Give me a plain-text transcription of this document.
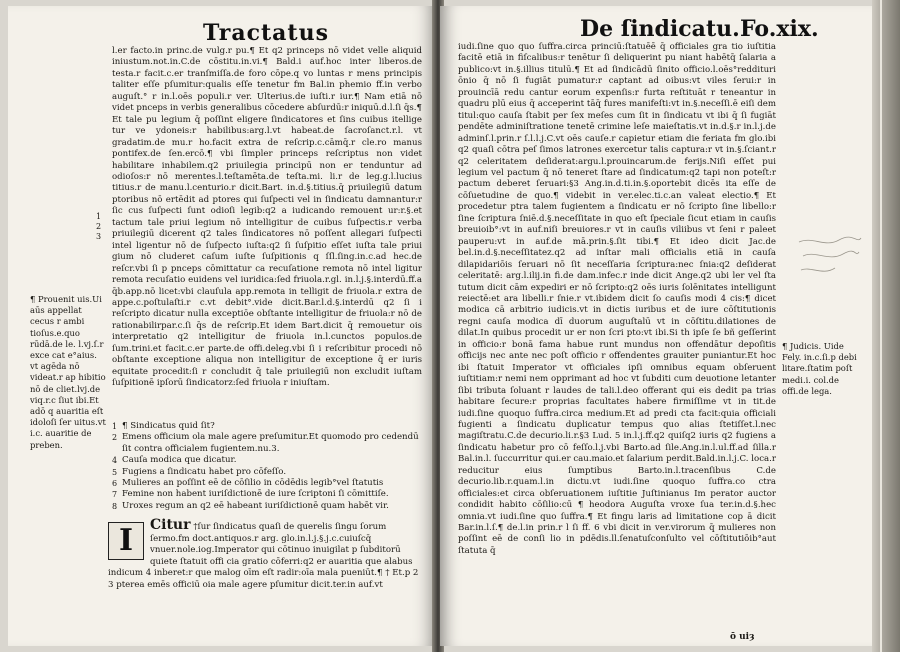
Tractatus

l.er facto.in princ.de vulg.r pu.¶ Et q2 princeps nō videt velle aliquid iniustum.not.in.C.de cōstitu.in.vi.¶ Bald.i auf.hoc inter liberos.de testa.r facit.c.er tranſmiſſa.de foro cōpe.q vo luntas r mens principis taliter eſſe pſumitur:qualis eſſe tenetur fm Bal.in phemio ff.in verbo auguſt.° r in.l.oēs populi.r ver. Ulterius.de iuſti.r iur.¶ Nam etiā nō videt pnceps in verbis generalibus cōcedere abſurdū:r iniquū.d.l.ſi q̄s.¶ Et tale pu legium q̄ poſſint eligere ſindicatores et ſins cuibus itellige tur ve ydoneis:r habilibus:arg.l.vt habeat.de ſacroſanct.r.l. vt gradatim.de mu.r ho.facit extra de reſcrip.c.cāmq̄.r cle.ro manus pontifex.de ſen.ercō.¶ vbi ſimpler princeps reſcriptus non videt habilitare inhabilem.q2 priuilegia principū non er tenduntur ad odioſos:r nō merentes.l.teſtamēta.de teſta.mi. li.r de leg.g.l.lucius titius.r de manu.l.centurio.r dicit.Bart. in.d.§.titius.q̄ priuilegiū datum ptoribus nō ertēdit ad ptores qui ſuſpecti vel in ſindicatu damnantur:r ſic cus ſuſpecti ſunt odioſi legib:q2 a iudicando remouent ur:r.§.et tactum tale priui legium nō intelligitur de cuibus ſuſpectis.r verba priuilegiū dicerent q2 tales ſindicatores nō poſſent allegari ſuſpecti intel ligentur nō de ſuſpecto iuſta:q2 ſi ſuſpitio eſſet iuſta tale priui gium nō cluderet caſum iuſte ſuſpitionis q ſſl.ſing.in.c.ad hec.de reſcr.vbi ſi p pnceps cōmittatur ca recuſatione remota nō intel ligitur remota recuſatio euidens vel iuridica:ſed friuola.r.gl. in.l.j.§.interdū.ff.a q̄b.app.nō licet:vbi clauſula app.remota in telligit de friuola.r extra de appe.c.poſtulaſti.r c.vt debit°.vide dicit.Bar.l.d.§.interdū q2 ſi i reſcripto dicatur nulla exceptiōe obſtante intelligitur de friuola:r nō de rationabilirpar.c.ſi q̄s de reſcrip.Et idem Bart.dicit q̄ remouetur ois interpretatio q2 intelligitur de friuola in.l.cunctos populos.de ſum.trini.et facit.c.er parte.de offi.deleg.vbi ſi i reſcribitur procedi nō obſtante exceptione aliqua non intelligitur de exceptione q̄ er iuris equitate procedit:ſi r concludit q̄ tale priuilegiū non excludit iuſtam ſuſpitionē ipſorū ſindicatorz:ſed friuola r iniuſtam.

¶ Prouenit uis.Ui aūs appellat cecus r ambi tioſus.e.quo rūdā.de le. l.vj.ſ.r exce cat e°aius. vt agēda nō videat.r ap hibitio nō de cliet.lvj.de viq.r.c ſiut ibi.Et adō q auaritia eſt idoloſi ſer uitus.vt i.c. auaritie de preben.
1 ¶ Sindicatus quid ſit?
2 Emens officium ola male agere preſumitur.Et quomodo pro cedendū ſit contra officialem fugientem.nu.3.
4 Cauſa modica que dicatur.
5 Fugiens a ſindicatu habet pro cōfeſſo.
6 Mulieres an poſſint eē de cōſilio in cōdēdis legib°vel ſtatutis
7 Femine non habent iuriſdictionē de iure ſcriptoni ſi cōmittiſe.
8 Uroxes regum an q2 eē habeant iuriſdictionē quam habēt vir.
I	Citur †ſur ſindicatus quaſi de querelis ſingu ſorum ſermo.fm doct.antiquos.r arg. glo.in.l.j.§.j.c.cuiuſcq̄ vnuer.nole.iog.Imperator qui cōtinuo inuigilat p ſubditorū quiete ſtatuit offi cia gratio cōferri:q2 er auaritia que alabus indicum 4 inberet:r que malog oīm eſt radir:oīa mala pueniūt.¶ † Et.p 2 3 pterea emēs officiū oia male agere pſumitur dicit.ter.in auf.vt
1
2
3
De ſindicatu. Fo.xix.

iudi.ſine quo quo ſuffra.circa princiū:ſtatuēē q̄ officiales gra tio iuſtitia facitē etiā in fiſcalibus:r tenētur ſi deliquerint pu niant habētq̄ ſalaria a publico:vt in.§.illius titulū.¶ Et ad ſindicādū ſinito officio.l.oēs°reddituri ōnio q̄ nō ſi fugiāt pumatur:r captant ad oibus:vt viles ſerui:r in prouincīā redu cantur eorum expenſis:r furta reſtituāt r teneantur in quadru plū eius q̄ acceperint tāq̄ fures manifeſti:vt in.§.neceſſi.ē eiſi dem titul:quo cauſa ſtabit per ſex meſes cum ſit in ſindicatu vt ibi q̄ ſi fugiāt pendēte adminiſtratione tenetē crimine leſe maieſtatis.vt in.d.§.r in.l.j.de adminſ.l.prin.r ſ.l.l.j.C.vt oēs cauſe.r capietur etiam die feriata fm glo.ibi q2 quaſi cōtra peſ ſimos latrones exercetur talis captura:r vt in.§.ſciant.r q2 celeritatem deſiderat:argu.l.prouincarum.de ferijs.Niſi eſſet pui legium vel pactum q̄ nō teneret ſtare ad ſindicatum:q2 tapi non poteſt:r pactum deberet ſeruari:§3 Ang.in.d.ti.in.§.oportebit dicēs ita eſſe de cōſuetudine de quo.¶ videbit in ver.elec.ti.c.an valeat electio.¶ Et procedetur ptra talem fugientem a ſindicatu er nō ſcripto ſine libello:r ſine ſcriptura ſniē.d.§.neceſſitate in quo eſt ſpeciale ſicut etiam in cauſis breuioib°:vt in auf.niſi breuiores.r vt in cauſis viliibus vt ſeni r paleet pauperu:vt in auf.de mā.prin.§.ſit tibi.¶ Et ideo dicit Jac.de bel.in.d.§.neceſſitatez.q2 ad inſtar mali officialis etiā in cauſa dilapidariōis ſeruari nō ſit neceſſaria ſcriptura:nec ſnia:q2 deſiderat celeritatē: arg.l.ilij.in fi.de dam.infec.r inde dicit Ange.q2 ubi ler vel ſta tutum dicit cām expediri er nō ſcripto:q2 oēs iuris ſolēnitates intelligunt reiectē:et ara libelli.r ſnie.r vt.ibidem dicit ſo cauſis modi 4 cis:¶ dicet modica cā arbitrio iudicis.vt in dictis iuribus et de iure cōſtitutionis regni cauſa modica dī duorum auguſtalū vt in cōſtitu.dilationes de dilat.In quibus procedit ur er non ſcri pto:vt ibi.Si th ipſe ſe bñ geſſerint in officio:r bonā fama habue runt mundus non offendātur depoſitis officijs nec ante nec poſt officio r offendentes grauiter puniantur.Et hoc ibi ſtatuit Imperator vt officiales ipſi omnibus equam obſeruent iuſtitiam:r nemi nem opprimant ad hoc vt ſubditi cum deuotione letanter ſibi tributa ſoluant r laudes de tali.l.deo offerant qui eis dedit pa trias habitare ſecure:r proprias facultates habere firmiſſime vt in tit.de iudi.ſine quoquo ſuffra.circa medium.Et ad predi cta facit:quia officiali fugienti a ſindicatu duplicatur tempus quo alias ſtetiſſet.l.nec magiſtratu.C.de decurio.li.r.§3 Lud. 5 in.l.j.ff.q2 quiſq2 iuris q2 fugiens a ſindicatu habetur pro cō feſſo.l.j.vbi Barto.ad ſile.Ang.in.l.ul.ff.ad ſilla.r Bal.in.l. ſuccurritur qui.er cau.maio.et ſalarium perdit.Bald.in.l.j.C. loca.r reducitur eius ſumptibus Barto.in.l.tracenſibus C.de decurio.lib.r.quam.l.in dictu.vt iudi.ſine quoquo ſuffra.co ctra officiales:et circa obſeruationem iuſtitie Juſtinianus Im perator auctor condidit habito cōſilio:cū ¶ heodora Auguſta vroxe ſua ter.in.d.§.hec omnia.vt iudi.ſine quo ſuffra.¶ Et fingu laris ad limitatione cop ā dicit Bar.in.l.ſ.¶ de.l.in prin.r l ſi ff. 6 vbi dicit in ver.virorum q̄ mulieres non poſſint eē de conſi lio in pdēdis.ll.ſenatuſconſulto vel cōſtitutiōib°aut ſtatuta q̄

¶ Judicis. Uide Fely. in.c.ſi.p debi litare.ſtatim poſt medi.i. col.de offi.de lega.
ō uiȝ
